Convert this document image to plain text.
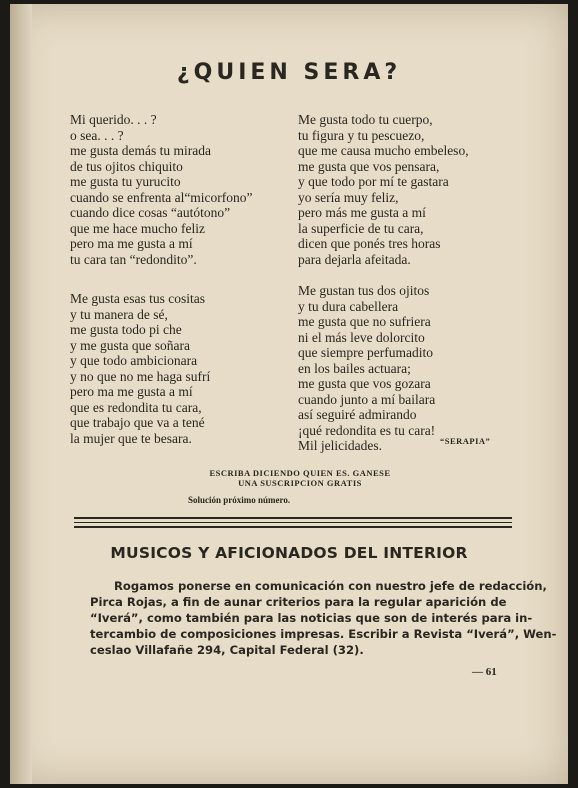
¿QUIEN SERA?

Mi querido. . . ?
o sea. . . ?
me gusta demás tu mirada
de tus ojitos chiquito
me gusta tu yurucito
cuando se enfrenta al“micorfono”
cuando dice cosas “autótono”
que me hace mucho feliz
pero ma me gusta a mí
tu cara tan “redondito”.

Me gusta esas tus cositas
y tu manera de sé,
me gusta todo pi che
y me gusta que soñara
y que todo ambicionara
y no que no me haga sufrí
pero ma me gusta a mí
que es redondita tu cara,
que trabajo que va a tené
la mujer que te besara.

Me gusta todo tu cuerpo,
tu figura y tu pescuezo,
que me causa mucho embeleso,
me gusta que vos pensara,
y que todo por mí te gastara
yo sería muy feliz,
pero más me gusta a mí
la superficie de tu cara,
dicen que ponés tres horas
para dejarla afeitada.

Me gustan tus dos ojitos
y tu dura cabellera
me gusta que no sufriera
ni el más leve dolorcito
que siempre perfumadito
en los bailes actuara;
me gusta que vos gozara
cuando junto a mí bailara
así seguiré admirando
¡qué redondita es tu cara!
Mil jelicidades.	“SERAPIA”
ESCRIBA DICIENDO QUIEN ES. GANESE
UNA SUSCRIPCION GRATIS
Solución próximo número.
MUSICOS Y AFICIONADOS DEL INTERIOR
Rogamos ponerse en comunicación con nuestro jefe de redacción,
Pirca Rojas, a fin de aunar criterios para la regular aparición de
“Iverá”, como también para las noticias que son de interés para in-
tercambio de composiciones impresas. Escribir a Revista “Iverá”, Wen-
ceslao Villafañe 294, Capital Federal (32).
— 61
